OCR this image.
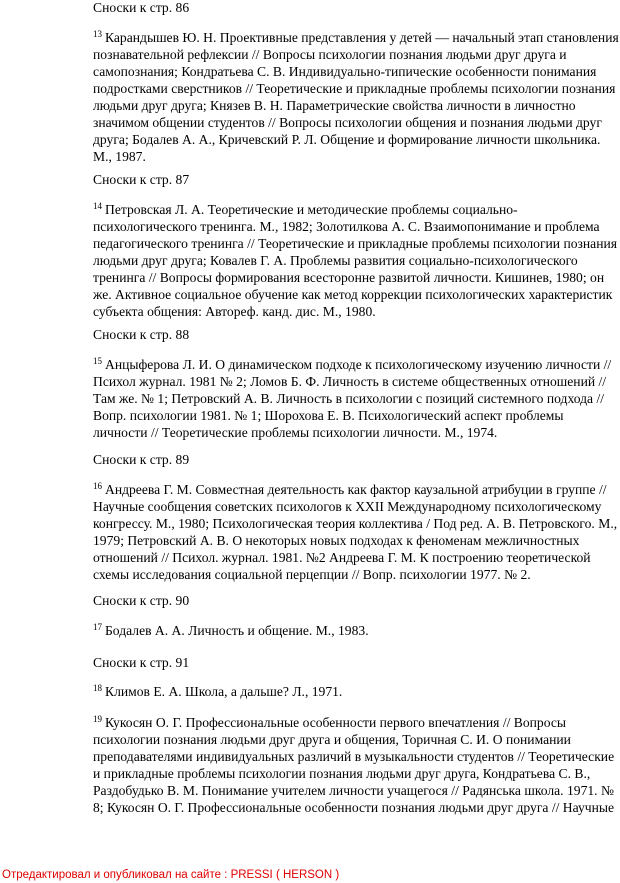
Сноски к стр. 86

$^{13}$ Карандышев Ю. Н. Проективные представления у детей — начальный этап становления
познавательной рефлексии // Вопросы психологии познания людьми друг друга и
самопознания; Кондратьева С. В. Индивидуально-типические особенности понимания
подростками сверстников // Теоретические и прикладные проблемы психологии познания
людьми друг друга; Князев В. Н. Параметрические свойства личности в личностно
значимом общении студентов // Вопросы психологии общения и познания людьми друг
друга; Бодалев А. А., Кричевский Р. Л. Общение и формирование личности школьника.
М., 1987.

Сноски к стр. 87

$^{14}$ Петровская Л. А. Теоретические и методические проблемы социально-
психологического тренинга. М., 1982; Золотилкова А. С. Взаимопонимание и проблема
педагогического тренинга // Теоретические и прикладные проблемы психологии познания
людьми друг друга; Ковалев Г. А. Проблемы развития социально-психологического
тренинга // Вопросы формирования всесторонне развитой личности. Кишинев, 1980; он
же. Активное социальное обучение как метод коррекции психологических характеристик
субъекта общения: Автореф. канд. дис. М., 1980.

Сноски к стр. 88

$^{15}$ Анцыферова Л. И. О динамическом подходе к психологическому изучению личности //
Психол журнал. 1981 № 2; Ломов Б. Ф. Личность в системе общественных отношений //
Там же. № 1; Петровский А. В. Личность в психологии с позиций системного подхода //
Вопр. психологии 1981. № 1; Шорохова Е. В. Психологический аспект проблемы
личности // Теоретические проблемы психологии личности. М., 1974.

Сноски к стр. 89

$^{16}$ Андреева Г. М. Совместная деятельность как фактор каузальной атрибуции в группе //
Научные сообщения советских психологов к XXII Международному психологическому
конгрессу. М., 1980; Психологическая теория коллектива / Под ред. А. В. Петровского. М.,
1979; Петровский А. В. О некоторых новых подходах к феноменам межличностных
отношений // Психол. журнал. 1981. №2 Андреева Г. М. К построению теоретической
схемы исследования социальной перцепции // Вопр. психологии 1977. № 2.

Сноски к стр. 90

$^{17}$ Бодалев А. А. Личность и общение. М., 1983.

Сноски к стр. 91

$^{18}$ Климов Е. А. Школа, а дальше? Л., 1971.
$^{19}$ Кукосян О. Г. Профессиональные особенности первого впечатления // Вопросы
психологии познания людьми друг друга и общения, Торичная С. И. О понимании
преподавателями индивидуальных различий в музыкальности студентов // Теоретические
и прикладные проблемы психологии познания людьми друг друга, Кондратьева С. В.,
Раздобудько В. М. Понимание учителем личности учащегося // Радянська школа. 1971. №
8; Кукосян О. Г. Профессиональные особенности познания людьми друг друга // Научные
Отредактировал и опубликовал на сайте : PRESSI ( HERSON )
